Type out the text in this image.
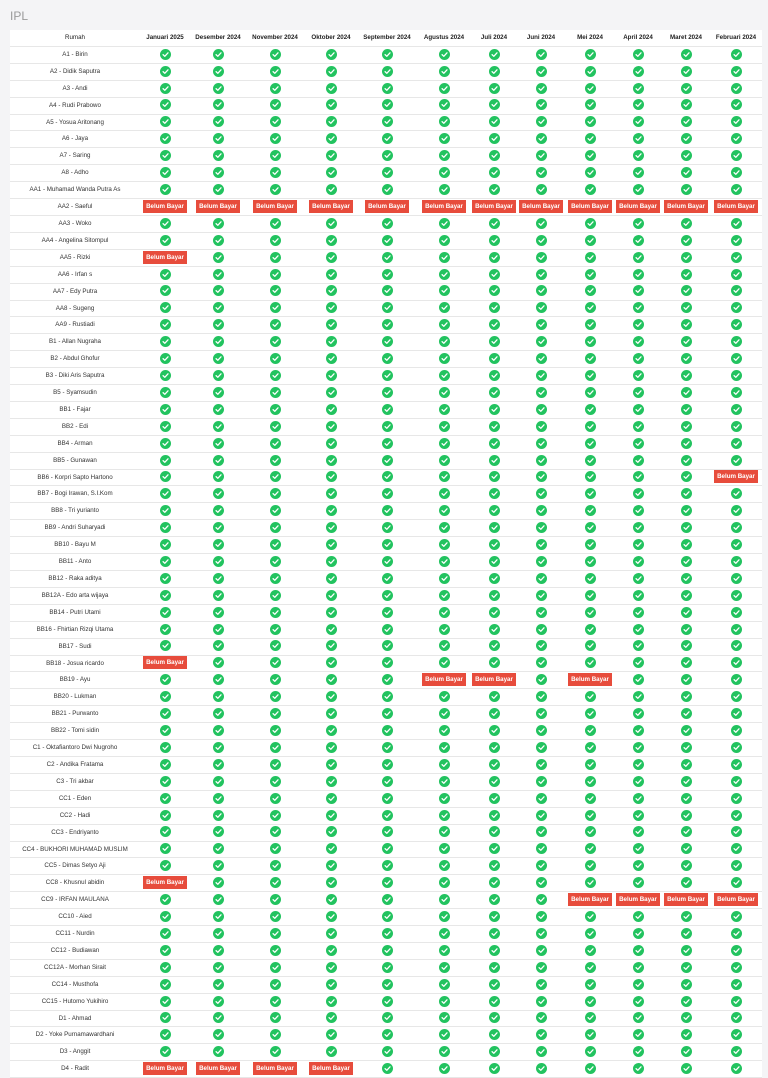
IPL
Rumah	Januari 2025	Desember 2024	November 2024	Oktober 2024	September 2024	Agustus 2024	Juli 2024	Juni 2024	Mei 2024	April 2024	Maret 2024	Februari 2024
A1 - Birin	

A2 - Didik Saputra	

A3 - Andi	

A4 - Rudi Prabowo	

A5 - Yosua Aritonang	

A6 - Jaya	

A7 - Saring	

A8 - Adho	

AA1 - Muhamad Wanda Putra As	

AA2 - Saeful	Belum Bayar	Belum Bayar	Belum Bayar	Belum Bayar	Belum Bayar	Belum Bayar	Belum Bayar	Belum Bayar	Belum Bayar	Belum Bayar	Belum Bayar	Belum Bayar
AA3 - Woko	

AA4 - Angelina Sitompul	

AA5 - Rizki	Belum Bayar	

AA6 - Irfan s	

AA7 - Edy Putra	

AA8 - Sugeng	

AA9 - Rustiadi	

B1 - Allan Nugraha	

B2 - Abdul Ghofur	

B3 - Diki Aris Saputra	

B5 - Syamsudin	

BB1 - Fajar	

BB2 - Edi	

BB4 - Arman	

BB5 - Gunawan	

BB6 - Korpri Sapto Hartono												Belum Bayar
BB7 - Bogi Irawan, S.I.Kom	

BB8 - Tri yurianto	

BB9 - Andri Suharyadi	

BB10 - Bayu M	

BB11 - Anto	

BB12 - Raka aditya	

BB12A - Edo arta wijaya	

BB14 - Putri Utami	

BB16 - Fhirtian Rizqi Utama	

BB17 - Sudi	

BB18 - Josua ricardo	Belum Bayar	

BB19 - Ayu						Belum Bayar	Belum Bayar		Belum Bayar	

BB20 - Lukman	

BB21 - Purwanto	

BB22 - Tomi sidin	

C1 - Oktafiantoro Dwi Nugroho	

C2 - Andika Fratama	

C3 - Tri akbar	

CC1 - Eden	

CC2 - Hadi	

CC3 - Endriyanto	

CC4 - BUKHORI MUHAMAD MUSLIM	

CC5 - Dimas Setyo Aji	

CC8 - Khusnul abidin	Belum Bayar	

CC9 - IRFAN MAULANA									Belum Bayar	Belum Bayar	Belum Bayar	Belum Bayar
CC10 - Aied	

CC11 - Nurdin	

CC12 - Budiawan	

CC12A - Morhan Sirait	

CC14 - Musthofa	

CC15 - Hutomo Yukihiro	

D1 - Ahmad	

D2 - Yoke Purnamawardhani	

D3 - Anggit	

D4 - Radit	Belum Bayar	Belum Bayar	Belum Bayar	Belum Bayar	
